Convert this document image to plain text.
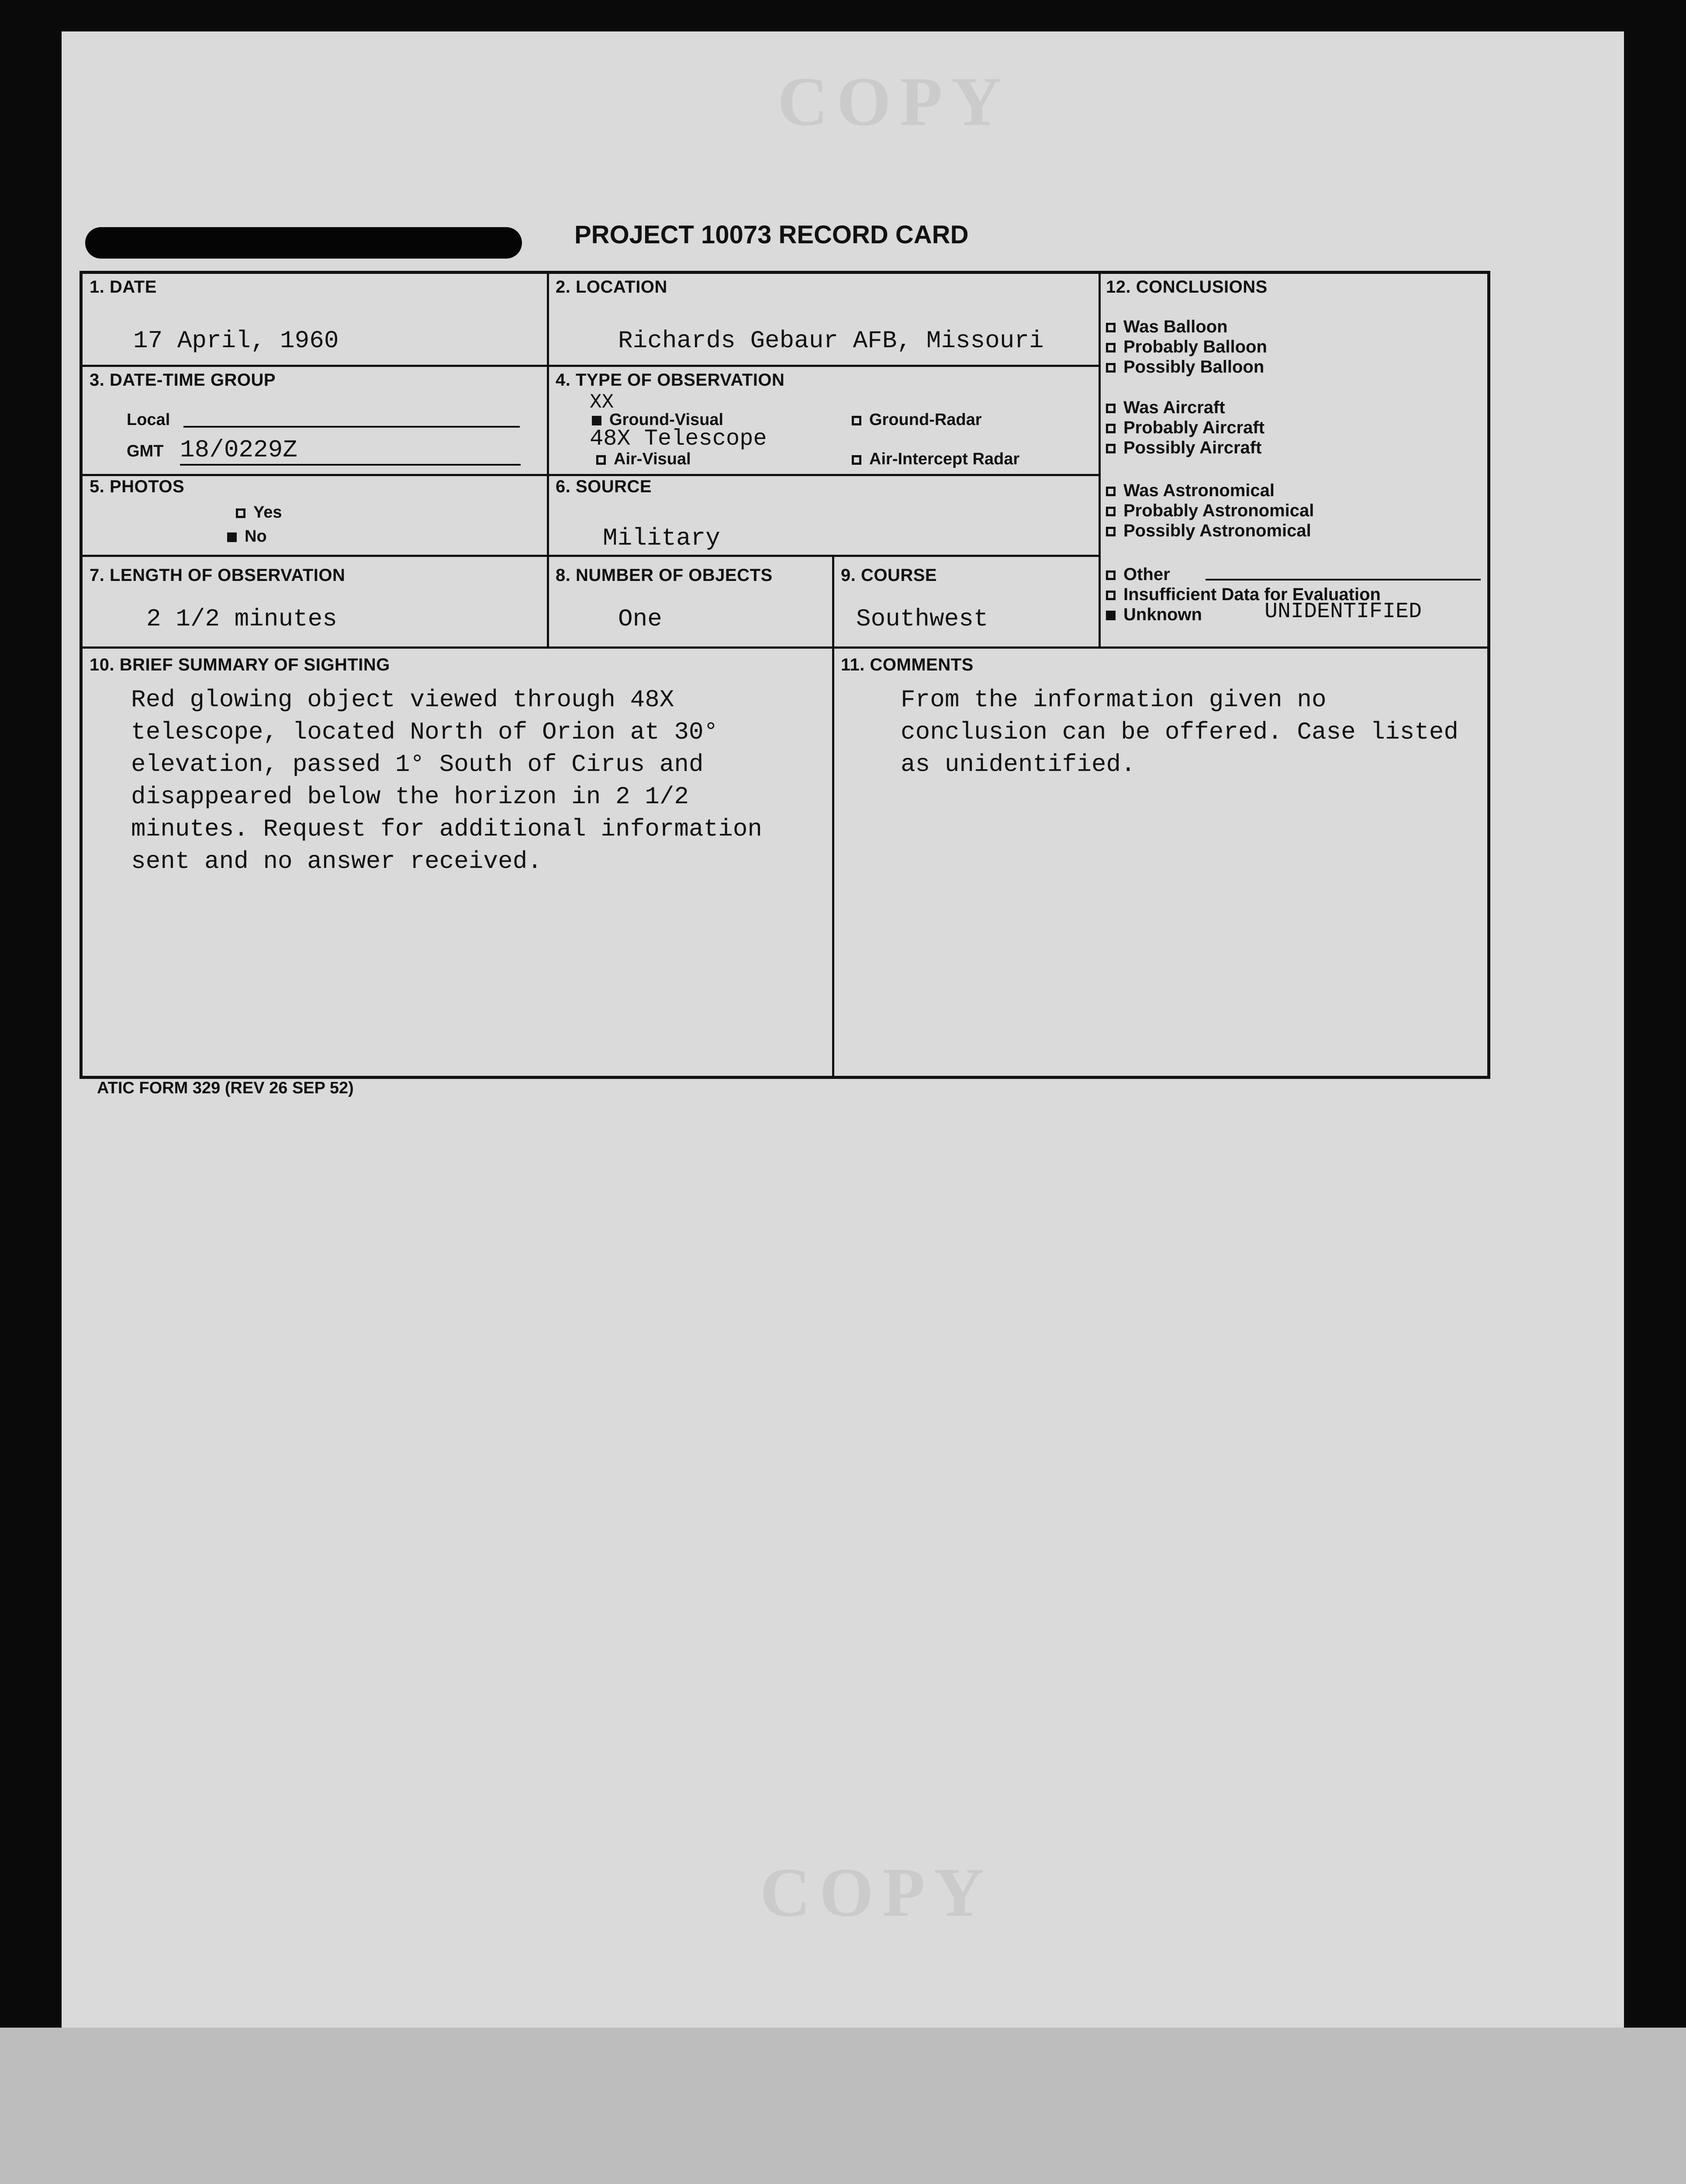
COPY
COPY
PROJECT 10073 RECORD CARD
1. DATE
17 April, 1960
2. LOCATION
Richards Gebaur AFB, Missouri
3. DATE-TIME GROUP
Local
GMT 18/0229Z
4. TYPE OF OBSERVATION
XX
Ground-Visual
48X Telescope
Ground-Radar
Air-Visual	Air-Intercept Radar
5. PHOTOS
Yes
No
6. SOURCE
Military
7. LENGTH OF OBSERVATION
2 1/2 minutes
8. NUMBER OF OBJECTS
One
9. COURSE
Southwest
12. CONCLUSIONS
Was Balloon
Probably Balloon
Possibly Balloon
Was Aircraft
Probably Aircraft
Possibly Aircraft
Was Astronomical
Probably Astronomical
Possibly Astronomical
Other
Insufficient Data for Evaluation
Unknown	UNIDENTIFIED
10. BRIEF SUMMARY OF SIGHTING
Red glowing object viewed through 48X
telescope, located North of Orion at 30°
elevation, passed 1° South of Cirus and
disappeared below the horizon in 2 1/2
minutes. Request for additional information
sent and no answer received.
11. COMMENTS
From the information given no
conclusion can be offered. Case listed
as unidentified.
ATIC FORM 329 (REV 26 SEP 52)
